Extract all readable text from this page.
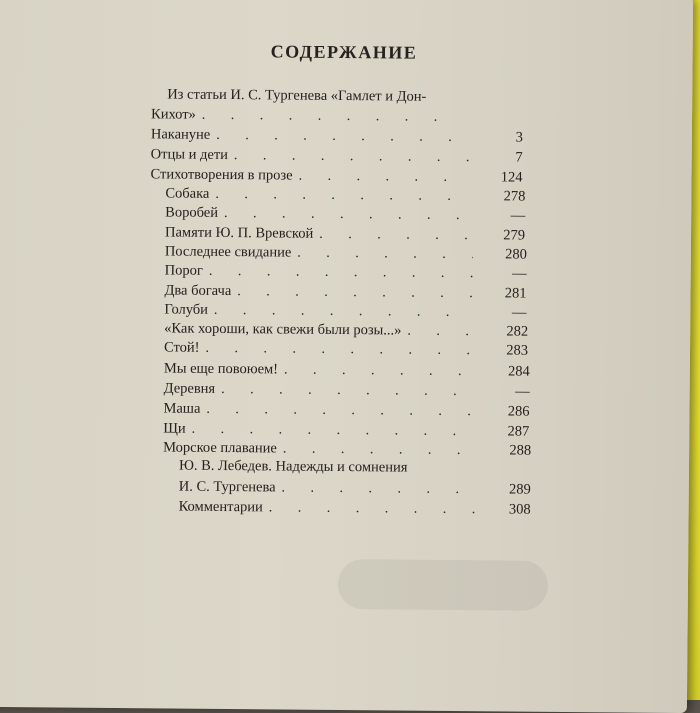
СОДЕРЖАНИЕ
Из статьи И. С. Тургенева «Гамлет и Дон-
Кихот»
. . .
Накануне . . .	3
Отцы и дети . . .	7
Стихотворения в прозе . . .	124
Собака . . .	278
Воробей . . .	—
Памяти Ю. П. Вревской . . .	279
Последнее свидание . . .	280
Порог . . .	—
Два богача . . .	281
Голуби . . .	—
«Как хороши, как свежи были розы...» . . .	282
Стой! . . .	283
Мы еще повоюем! . . .	284
Деревня . . .	—
Маша . . .	286
Щи . . .	287
Морское плавание . . .	288
Ю. В. Лебедев. Надежды и сомнения
И. С. Тургенева . . .	289
Комментарии . . .	308
